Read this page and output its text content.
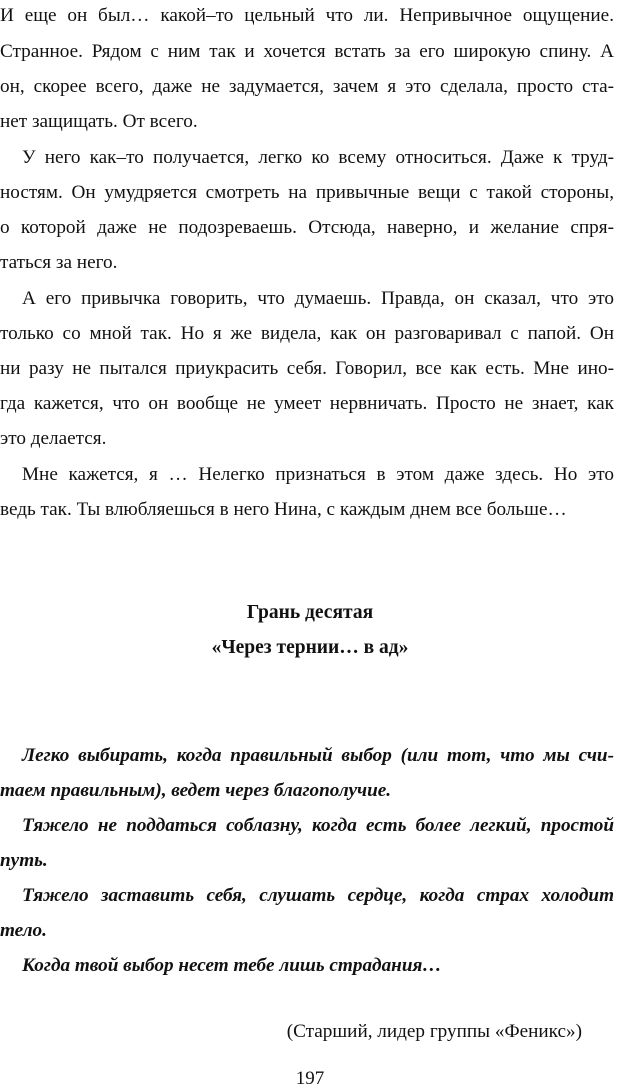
И еще он был… какой–то цельный что ли. Непривычное ощущение.
Странное. Рядом с ним так и хочется встать за его широкую спину. А
он, скорее всего, даже не задумается, зачем я это сделала, просто ста-
нет защищать. От всего.
У него как–то получается, легко ко всему относиться. Даже к труд-
ностям. Он умудряется смотреть на привычные вещи с такой стороны,
о которой даже не подозреваешь. Отсюда, наверно, и желание спря-
таться за него.
А его привычка говорить, что думаешь. Правда, он сказал, что это
только со мной так. Но я же видела, как он разговаривал с папой. Он
ни разу не пытался приукрасить себя. Говорил, все как есть. Мне ино-
гда кажется, что он вообще не умеет нервничать. Просто не знает, как
это делается.
Мне кажется, я … Нелегко признаться в этом даже здесь. Но это
ведь так. Ты влюбляешься в него Нина, с каждым днем все больше…
Грань десятая
«Через тернии… в ад»
Легко выбирать, когда правильный выбор (или тот, что мы счи-
таем правильным), ведет через благополучие.
Тяжело не поддаться соблазну, когда есть более легкий, простой
путь.
Тяжело заставить себя, слушать сердце, когда страх холодит
тело.
Когда твой выбор несет тебе лишь страдания…
(Старший, лидер группы «Феникс»)
197
